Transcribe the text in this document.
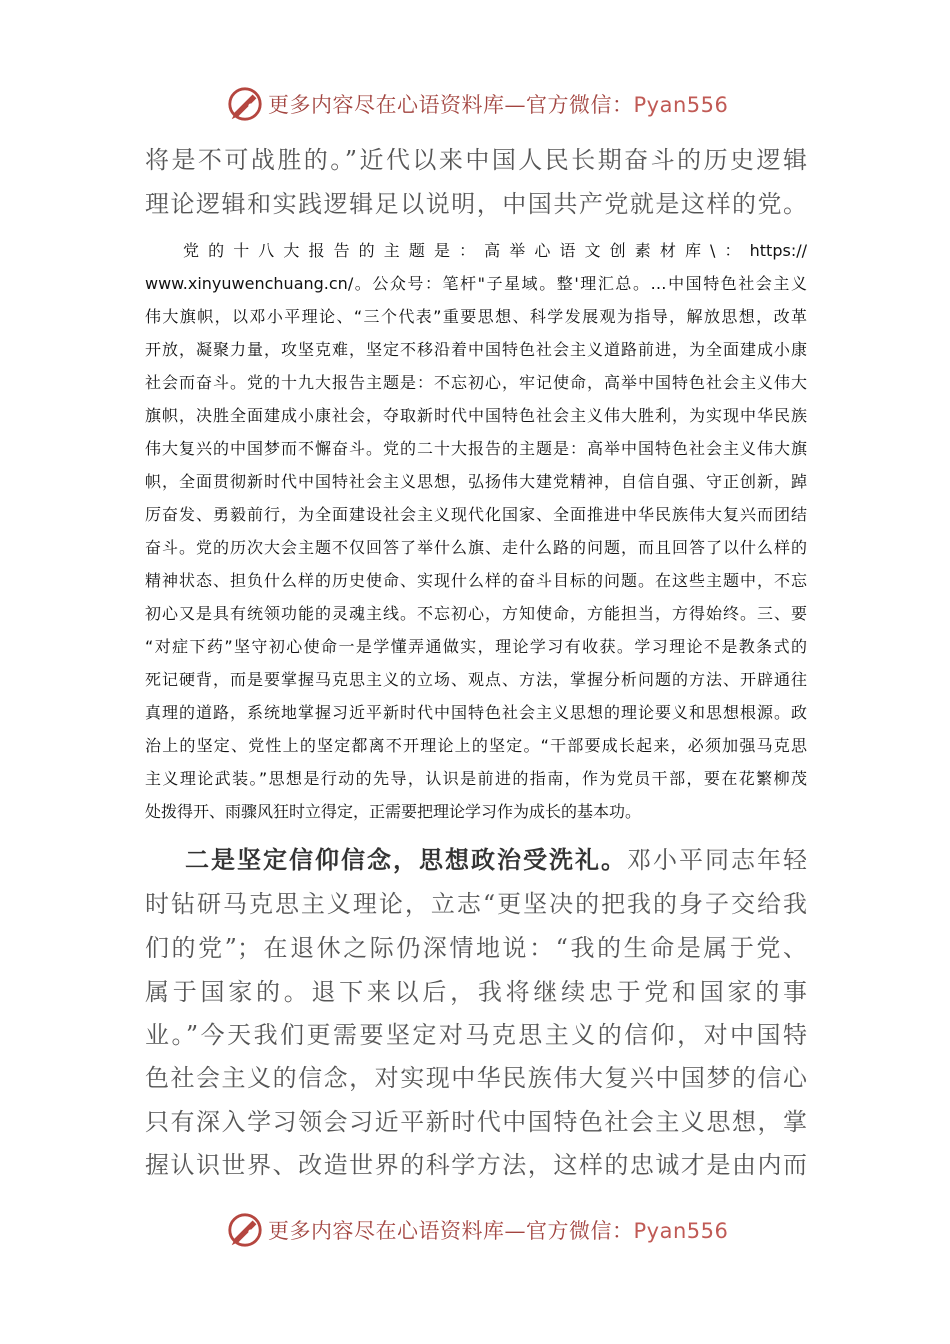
更多内容尽在心语资料库—官方微信：Pyan556
将是不可战胜的。”近代以来中国人民长期奋斗的历史逻辑
理论逻辑和实践逻辑足以说明，中国共产党就是这样的党。
党的十八大报告的主题是：高举心语文创素材库\：https://
www.xinyuwenchuang.cn/。公众号：笔杆"子星域。整'理汇总。…中国特色社会主义
伟大旗帜，以邓小平理论、“三个代表”重要思想、科学发展观为指导，解放思想，改革
开放，凝聚力量，攻坚克难，坚定不移沿着中国特色社会主义道路前进，为全面建成小康
社会而奋斗。党的十九大报告主题是：不忘初心，牢记使命，高举中国特色社会主义伟大
旗帜，决胜全面建成小康社会，夺取新时代中国特色社会主义伟大胜利，为实现中华民族
伟大复兴的中国梦而不懈奋斗。党的二十大报告的主题是：高举中国特色社会主义伟大旗
帜，全面贯彻新时代中国特社会主义思想，弘扬伟大建党精神，自信自强、守正创新，踔
厉奋发、勇毅前行，为全面建设社会主义现代化国家、全面推进中华民族伟大复兴而团结
奋斗。党的历次大会主题不仅回答了举什么旗、走什么路的问题，而且回答了以什么样的
精神状态、担负什么样的历史使命、实现什么样的奋斗目标的问题。在这些主题中，不忘
初心又是具有统领功能的灵魂主线。不忘初心，方知使命，方能担当，方得始终。三、要
“对症下药”坚守初心使命一是学懂弄通做实，理论学习有收获。学习理论不是教条式的
死记硬背，而是要掌握马克思主义的立场、观点、方法，掌握分析问题的方法、开辟通往
真理的道路，系统地掌握习近平新时代中国特色社会主义思想的理论要义和思想根源。政
治上的坚定、党性上的坚定都离不开理论上的坚定。“干部要成长起来，必须加强马克思
主义理论武装。”思想是行动的先导，认识是前进的指南，作为党员干部，要在花繁柳茂
处拨得开、雨骤风狂时立得定，正需要把理论学习作为成长的基本功。
二是坚定信仰信念，思想政治受洗礼。邓小平同志年轻
时钻研马克思主义理论，立志“更坚决的把我的身子交给我
们的党”；在退休之际仍深情地说：“我的生命是属于党、
属于国家的。退下来以后，我将继续忠于党和国家的事
业。”今天我们更需要坚定对马克思主义的信仰，对中国特
色社会主义的信念，对实现中华民族伟大复兴中国梦的信心
只有深入学习领会习近平新时代中国特色社会主义思想，掌
握认识世界、改造世界的科学方法，这样的忠诚才是由内而
更多内容尽在心语资料库—官方微信：Pyan556
